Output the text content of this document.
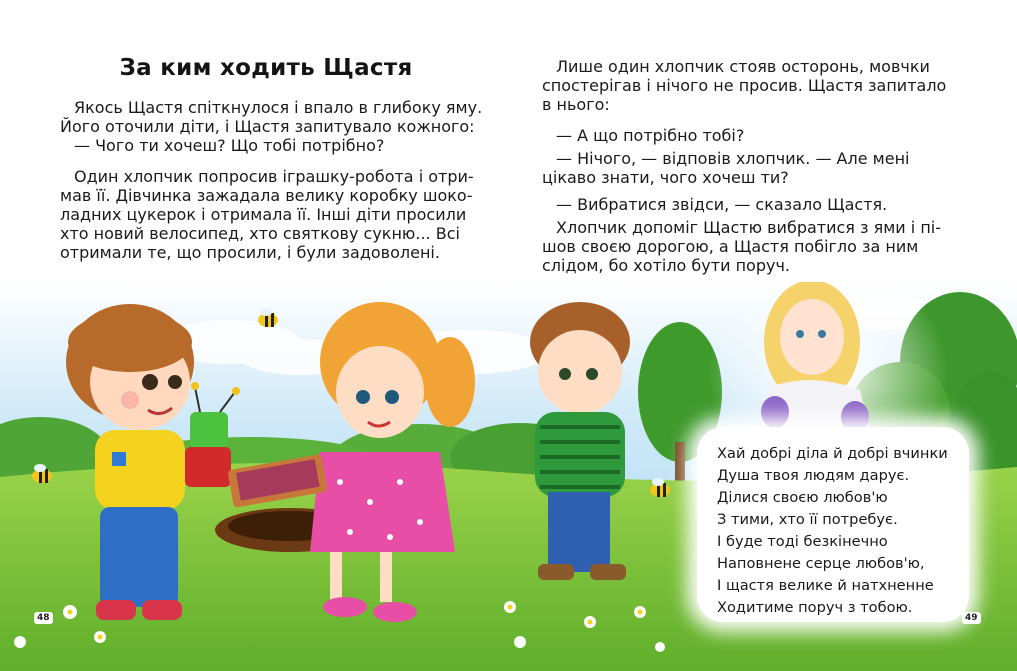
За ким ходить Щастя
Якось Щастя спіткнулося і впало в глибоку яму.
Його оточили діти, і Щастя запитувало кожного:
— Чого ти хочеш? Що тобі потрібно?
Один хлопчик попросив іграшку-робота і отри-
мав її. Дівчинка зажадала велику коробку шоко-
ладних цукерок і отримала її. Інші діти просили
хто новий велосипед, хто святкову сукню... Всі
отримали те, що просили, і були задоволені.
Лише один хлопчик стояв осторонь, мовчки
спостерігав і нічого не просив. Щастя запитало
в нього:
— А що потрібно тобі?
— Нічого, — відповів хлопчик. — Але мені
цікаво знати, чого хочеш ти?
— Вибратися звідси, — сказало Щастя.
Хлопчик допоміг Щастю вибратися з ями і пі-
шов своєю дорогою, а Щастя побігло за ним
слідом, бо хотіло бути поруч.
Хай добрі діла й добрі вчинки
Душа твоя людям дарує.
Ділися своєю любов'ю
З тими, хто її потребує.
І буде тоді безкінечно
Наповнене серце любов'ю,
І щастя велике й натхненне
Ходитиме поруч з тобою.
48	49
